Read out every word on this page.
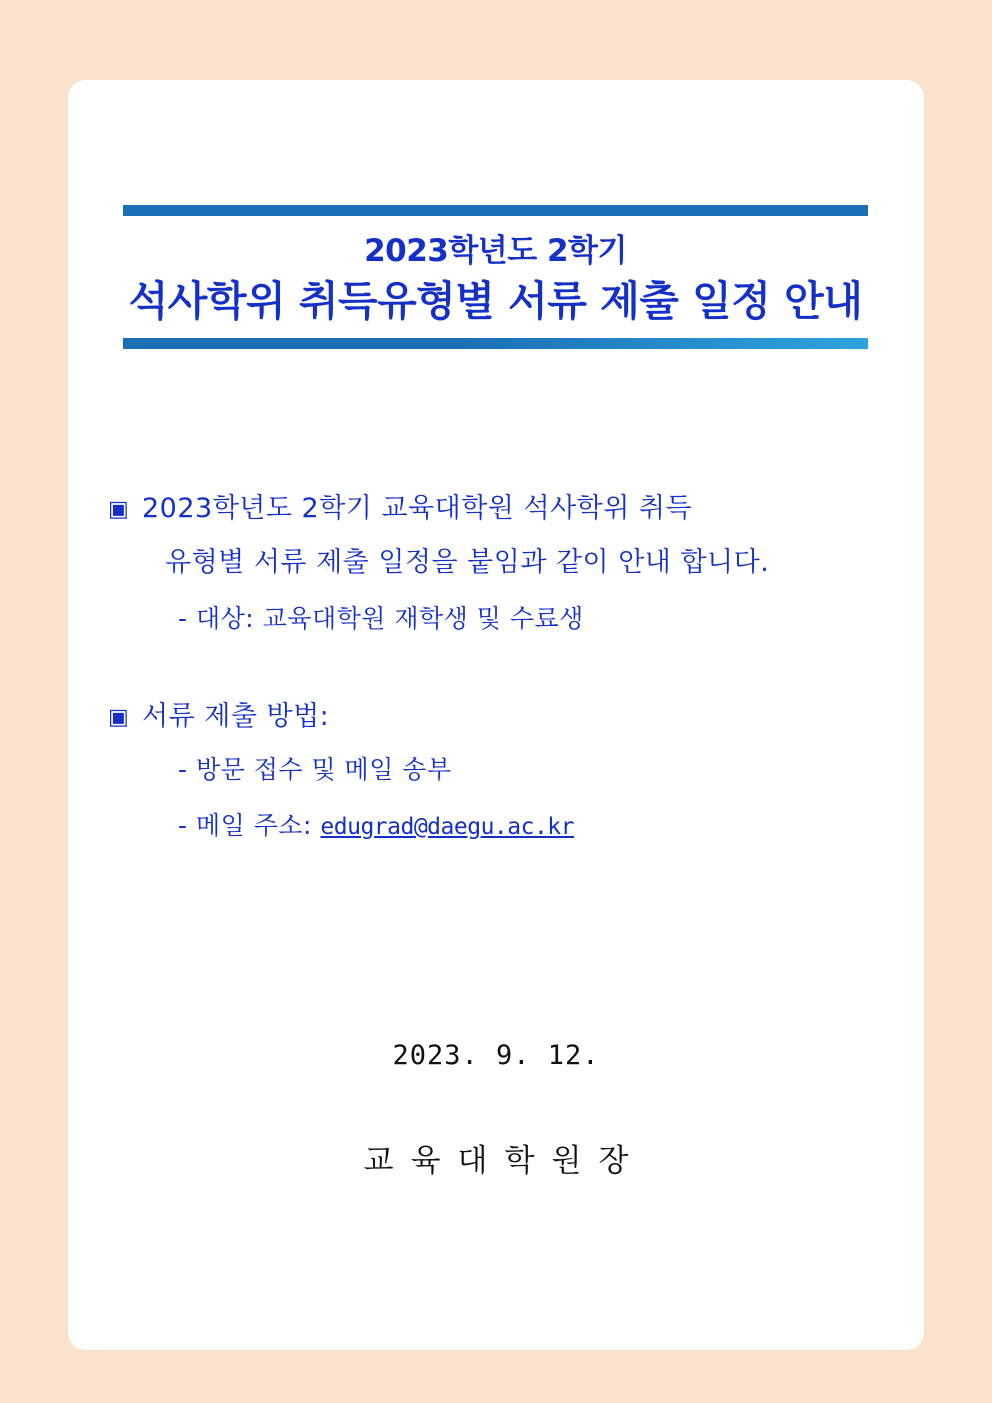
2023학년도 2학기
석사학위 취득유형별 서류 제출 일정 안내
▣ 2023학년도 2학기 교육대학원 석사학위 취득
유형별 서류 제출 일정을 붙임과 같이 안내 합니다.
- 대상: 교육대학원 재학생 및 수료생
▣ 서류 제출 방법:
- 방문 접수 및 메일 송부
- 메일 주소: edugrad@daegu.ac.kr
2023. 9. 12.
교육대학원장
